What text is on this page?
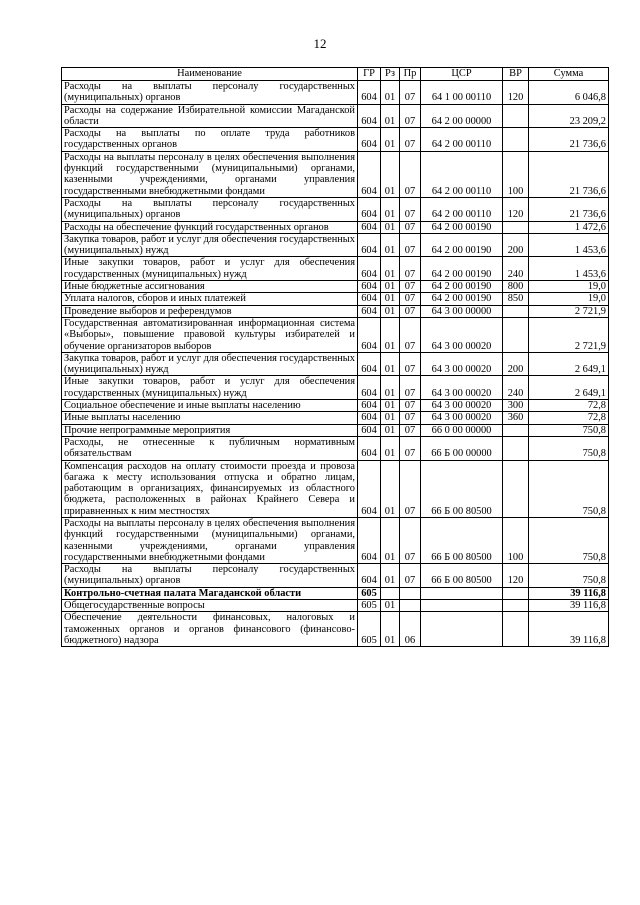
12
Наименование	ГР	Рз	Пр	ЦСР	ВР	Сумма
Расходы на выплаты персоналу государственных (муниципальных) органов	604	01	07	64 1 00 00110	120	6 046,8
Расходы на содержание Избирательной комиссии Магаданской области	604	01	07	64 2 00 00000		23 209,2
Расходы на выплаты по оплате труда работников государственных органов	604	01	07	64 2 00 00110		21 736,6
Расходы на выплаты персоналу в целях обеспечения выполнения функций государственными (муниципальными) органами, казенными учреждениями, органами управления государственными внебюджетными фондами	604	01	07	64 2 00 00110	100	21 736,6
Расходы на выплаты персоналу государственных (муниципальных) органов	604	01	07	64 2 00 00110	120	21 736,6
Расходы на обеспечение функций государственных органов	604	01	07	64 2 00 00190		1 472,6
Закупка товаров, работ и услуг для обеспечения государственных (муниципальных) нужд	604	01	07	64 2 00 00190	200	1 453,6
Иные закупки товаров, работ и услуг для обеспечения государственных (муниципальных) нужд	604	01	07	64 2 00 00190	240	1 453,6
Иные бюджетные ассигнования	604	01	07	64 2 00 00190	800	19,0
Уплата налогов, сборов и иных платежей	604	01	07	64 2 00 00190	850	19,0
Проведение выборов и референдумов	604	01	07	64 3 00 00000		2 721,9
Государственная автоматизированная информационная система «Выборы», повышение правовой культуры избирателей и обучение организаторов выборов	604	01	07	64 3 00 00020		2 721,9
Закупка товаров, работ и услуг для обеспечения государственных (муниципальных) нужд	604	01	07	64 3 00 00020	200	2 649,1
Иные закупки товаров, работ и услуг для обеспечения государственных (муниципальных) нужд	604	01	07	64 3 00 00020	240	2 649,1
Социальное обеспечение и иные выплаты населению	604	01	07	64 3 00 00020	300	72,8
Иные выплаты населению	604	01	07	64 3 00 00020	360	72,8
Прочие непрограммные мероприятия	604	01	07	66 0 00 00000		750,8
Расходы, не отнесенные к публичным нормативным обязательствам	604	01	07	66 Б 00 00000		750,8
Компенсация расходов на оплату стоимости проезда и провоза багажа к месту использования отпуска и обратно лицам, работающим в организациях, финансируемых из областного бюджета, расположенных в районах Крайнего Севера и приравненных к ним местностях	604	01	07	66 Б 00 80500		750,8
Расходы на выплаты персоналу в целях обеспечения выполнения функций государственными (муниципальными) органами, казенными учреждениями, органами управления государственными внебюджетными фондами	604	01	07	66 Б 00 80500	100	750,8
Расходы на выплаты персоналу государственных (муниципальных) органов	604	01	07	66 Б 00 80500	120	750,8
Контрольно-счетная палата Магаданской области	605					39 116,8
Общегосударственные вопросы	605	01				39 116,8
Обеспечение деятельности финансовых, налоговых и таможенных органов и органов финансового (финансово-бюджетного) надзора	605	01	06			39 116,8
